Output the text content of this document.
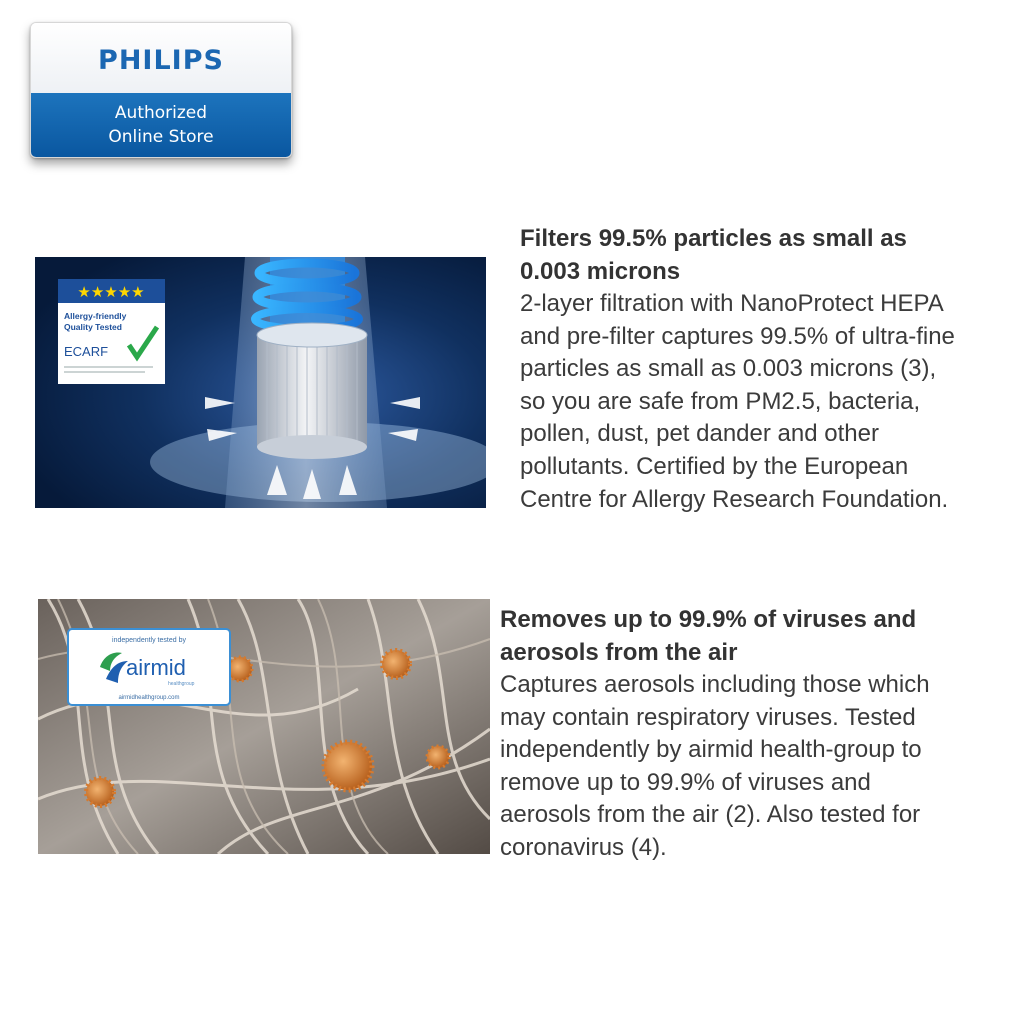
PHILIPS
Authorized
Online Store
★★★★★
Allergy-friendly
Quality Tested
ECARF

Filters 99.5% particles as small as
0.003 microns

2-layer filtration with NanoProtect HEPA
and pre-filter captures 99.5% of ultra-fine
particles as small as 0.003 microns (3),
so you are safe from PM2.5, bacteria,
pollen, dust, pet dander and other
pollutants. Certified by the European
Centre for Allergy Research Foundation.

independently tested by
airmid
healthgroup
airmidhealthgroup.com

Removes up to 99.9% of viruses and
aerosols from the air

Captures aerosols including those which
may contain respiratory viruses. Tested
independently by airmid health-group to
remove up to 99.9% of viruses and
aerosols from the air (2). Also tested for
coronavirus (4).
